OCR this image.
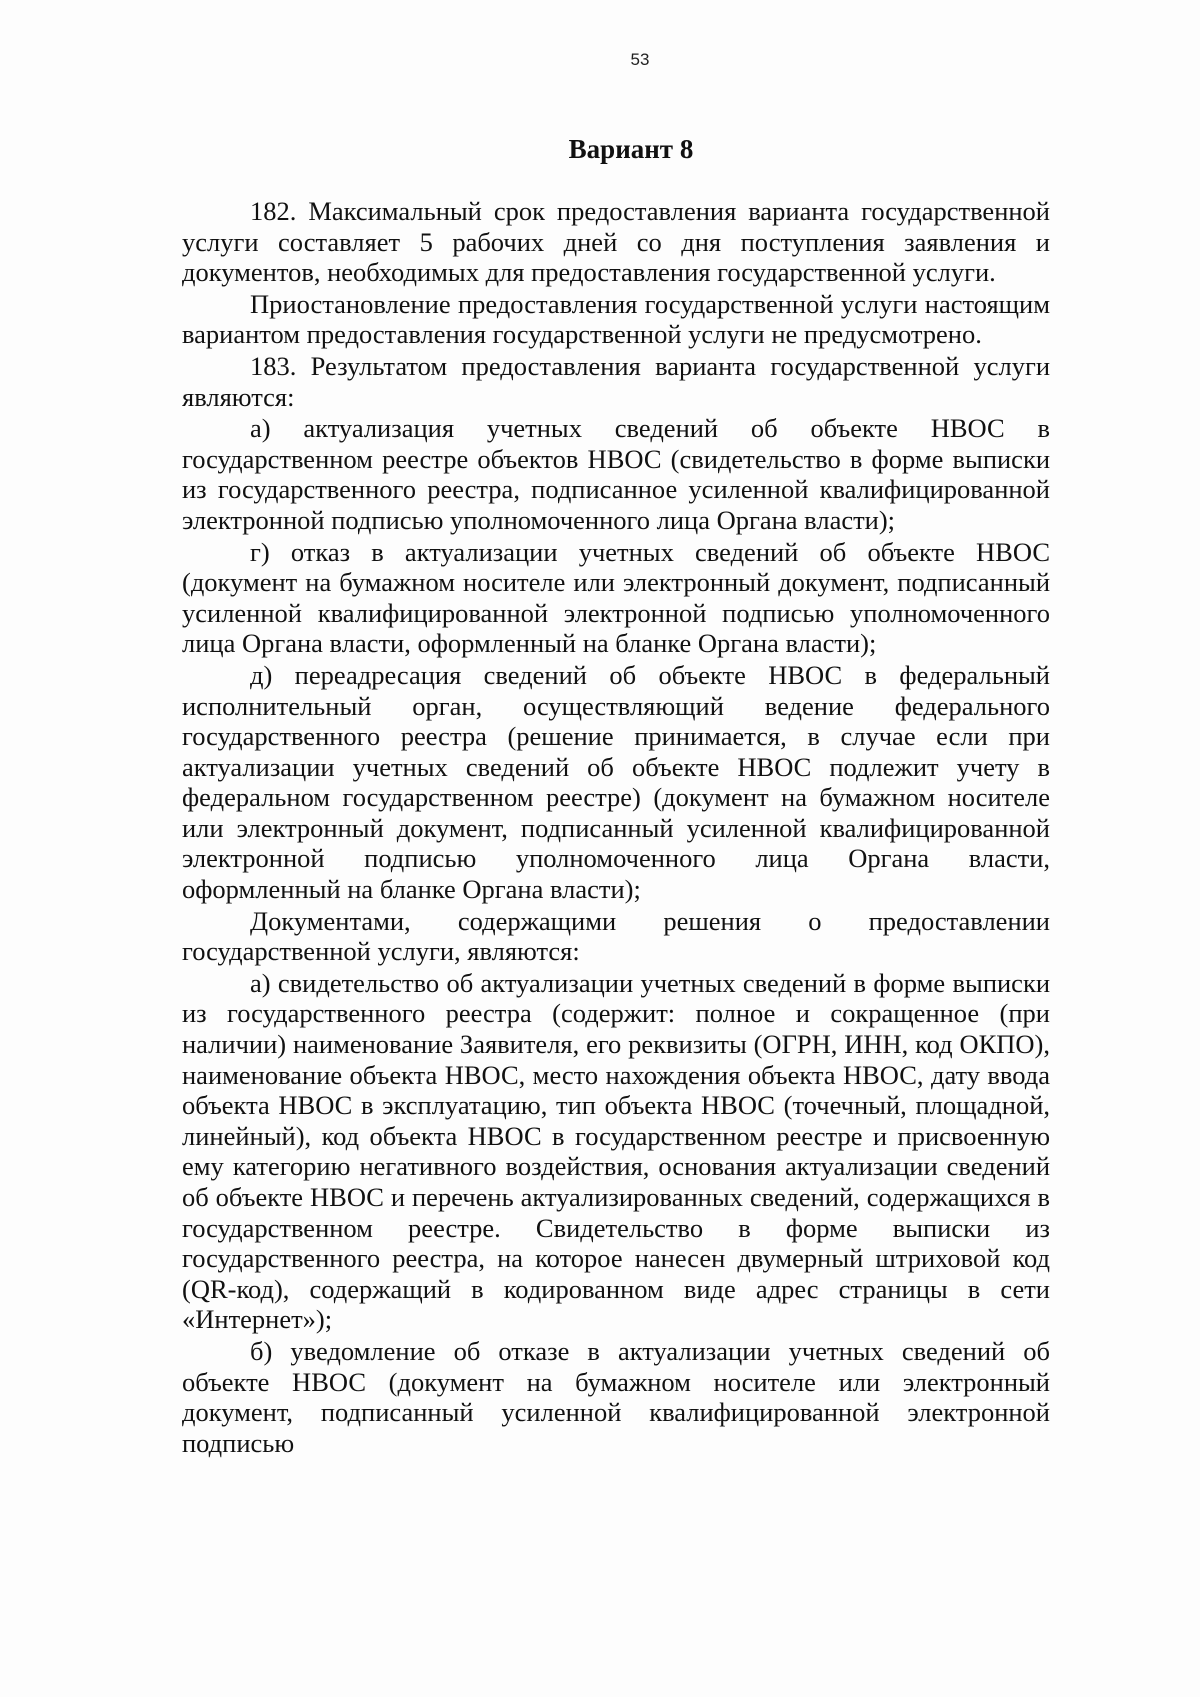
53
Вариант 8

182. Максимальный срок предоставления варианта государственной услуги составляет 5 рабочих дней со дня поступления заявления и документов, необходимых для предоставления государственной услуги.

Приостановление предоставления государственной услуги настоящим вариантом предоставления государственной услуги не предусмотрено.

183. Результатом предоставления варианта государственной услуги являются:

а) актуализация учетных сведений об объекте НВОС в государственном реестре объектов НВОС (свидетельство в форме выписки из государственного реестра, подписанное усиленной квалифицированной электронной подписью уполномоченного лица Органа власти);

г) отказ в актуализации учетных сведений об объекте НВОС (документ на бумажном носителе или электронный документ, подписанный усиленной квалифицированной электронной подписью уполномоченного лица Органа власти, оформленный на бланке Органа власти);

д) переадресация сведений об объекте НВОС в федеральный исполнительный орган, осуществляющий ведение федерального государственного реестра (решение принимается, в случае если при актуализации учетных сведений об объекте НВОС подлежит учету в федеральном государственном реестре) (документ на бумажном носителе или электронный документ, подписанный усиленной квалифицированной электронной подписью уполномоченного лица Органа власти, оформленный на бланке Органа власти);

Документами, содержащими решения о предоставлении государственной услуги, являются:

а) свидетельство об актуализации учетных сведений в форме выписки из государственного реестра (содержит: полное и сокращенное (при наличии) наименование Заявителя, его реквизиты (ОГРН, ИНН, код ОКПО), наименование объекта НВОС, место нахождения объекта НВОС, дату ввода объекта НВОС в эксплуатацию, тип объекта НВОС (точечный, площадной, линейный), код объекта НВОС в государственном реестре и присвоенную ему категорию негативного воздействия, основания актуализации сведений об объекте НВОС и перечень актуализированных сведений, содержащихся в государственном реестре. Свидетельство в форме выписки из государственного реестра, на которое нанесен двумерный штриховой код (QR-код), содержащий в кодированном виде адрес страницы в сети «Интернет»);

б) уведомление об отказе в актуализации учетных сведений об объекте НВОС (документ на бумажном носителе или электронный документ, подписанный усиленной квалифицированной электронной подписью
